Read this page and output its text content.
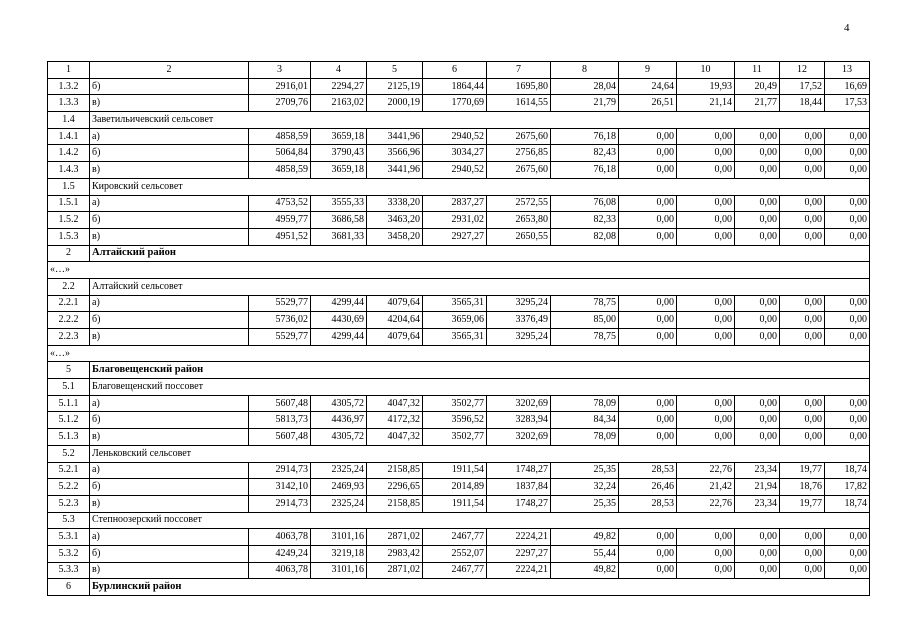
4
1	2	3	4	5	6	7	8	9	10	11	12	13
1.3.2	б)	2916,01	2294,27	2125,19	1864,44	1695,80	28,04	24,64	19,93	20,49	17,52	16,69
1.3.3	в)	2709,76	2163,02	2000,19	1770,69	1614,55	21,79	26,51	21,14	21,77	18,44	17,53
1.4	Заветильичевский сельсовет											
1.4.1	а)	4858,59	3659,18	3441,96	2940,52	2675,60	76,18	0,00	0,00	0,00	0,00	0,00
1.4.2	б)	5064,84	3790,43	3566,96	3034,27	2756,85	82,43	0,00	0,00	0,00	0,00	0,00
1.4.3	в)	4858,59	3659,18	3441,96	2940,52	2675,60	76,18	0,00	0,00	0,00	0,00	0,00
1.5	Кировский сельсовет											
1.5.1	а)	4753,52	3555,33	3338,20	2837,27	2572,55	76,08	0,00	0,00	0,00	0,00	0,00
1.5.2	б)	4959,77	3686,58	3463,20	2931,02	2653,80	82,33	0,00	0,00	0,00	0,00	0,00
1.5.3	в)	4951,52	3681,33	3458,20	2927,27	2650,55	82,08	0,00	0,00	0,00	0,00	0,00
2	Алтайский район											
«…»												
2.2	Алтайский сельсовет											
2.2.1	а)	5529,77	4299,44	4079,64	3565,31	3295,24	78,75	0,00	0,00	0,00	0,00	0,00
2.2.2	б)	5736,02	4430,69	4204,64	3659,06	3376,49	85,00	0,00	0,00	0,00	0,00	0,00
2.2.3	в)	5529,77	4299,44	4079,64	3565,31	3295,24	78,75	0,00	0,00	0,00	0,00	0,00
«…»												
5	Благовещенский район											
5.1	Благовещенский поссовет											
5.1.1	а)	5607,48	4305,72	4047,32	3502,77	3202,69	78,09	0,00	0,00	0,00	0,00	0,00
5.1.2	б)	5813,73	4436,97	4172,32	3596,52	3283,94	84,34	0,00	0,00	0,00	0,00	0,00
5.1.3	в)	5607,48	4305,72	4047,32	3502,77	3202,69	78,09	0,00	0,00	0,00	0,00	0,00
5.2	Леньковский сельсовет											
5.2.1	а)	2914,73	2325,24	2158,85	1911,54	1748,27	25,35	28,53	22,76	23,34	19,77	18,74
5.2.2	б)	3142,10	2469,93	2296,65	2014,89	1837,84	32,24	26,46	21,42	21,94	18,76	17,82
5.2.3	в)	2914,73	2325,24	2158,85	1911,54	1748,27	25,35	28,53	22,76	23,34	19,77	18,74
5.3	Степноозерский поссовет											
5.3.1	а)	4063,78	3101,16	2871,02	2467,77	2224,21	49,82	0,00	0,00	0,00	0,00	0,00
5.3.2	б)	4249,24	3219,18	2983,42	2552,07	2297,27	55,44	0,00	0,00	0,00	0,00	0,00
5.3.3	в)	4063,78	3101,16	2871,02	2467,77	2224,21	49,82	0,00	0,00	0,00	0,00	0,00
6	Бурлинский район											
